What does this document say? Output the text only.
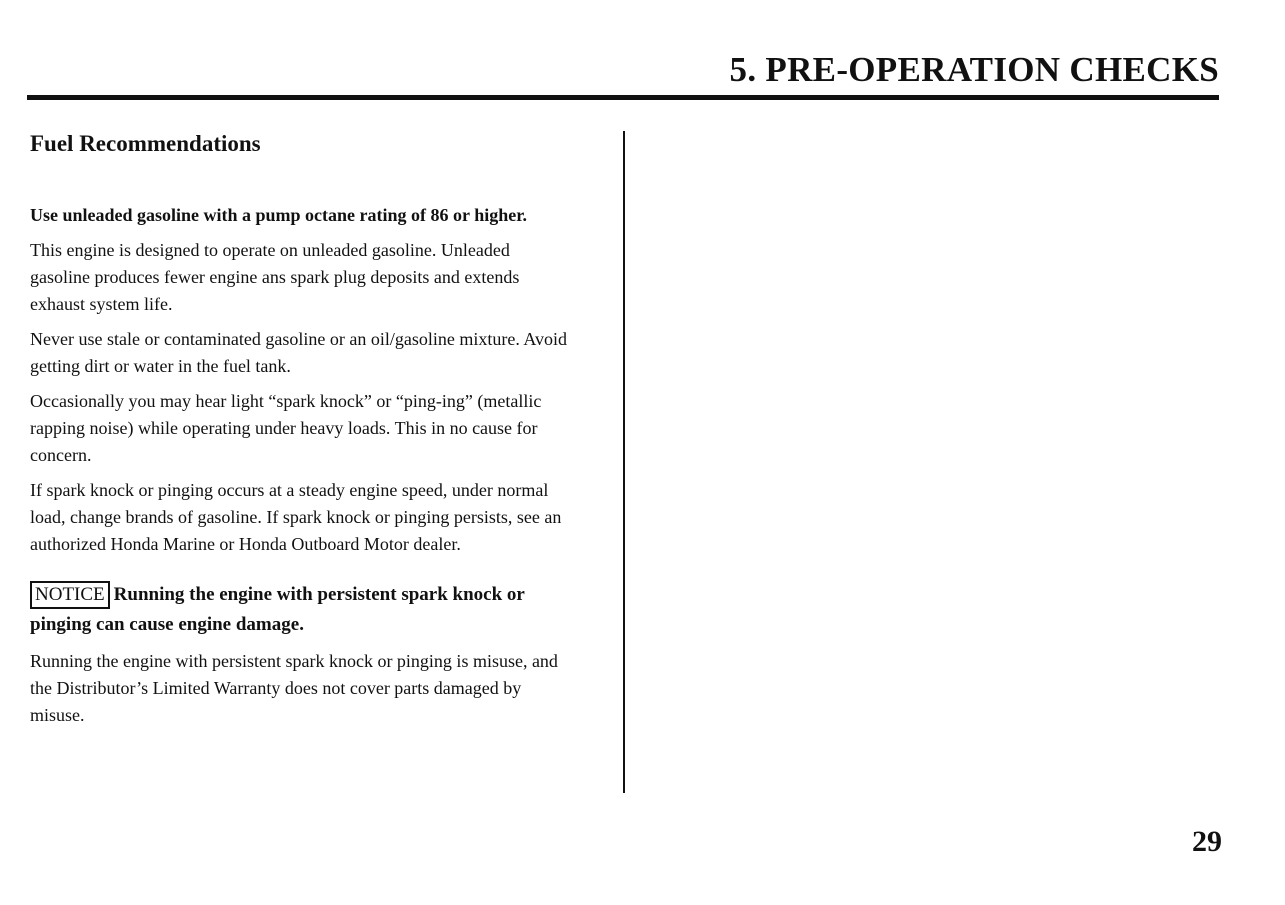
5. PRE-OPERATION CHECKS
Fuel Recommendations

Use unleaded gasoline with a pump octane rating of 86 or higher.

This engine is designed to operate on unleaded gasoline. Unleaded gasoline produces fewer engine ans spark plug deposits and extends exhaust system life.

Never use stale or contaminated gasoline or an oil/gasoline mixture. Avoid getting dirt or water in the fuel tank.

Occasionally you may hear light “spark knock” or “ping-ing” (metallic rapping noise) while operating under heavy loads. This in no cause for concern.

If spark knock or pinging occurs at a steady engine speed, under normal load, change brands of gasoline. If spark knock or pinging persists, see an authorized Honda Marine or Honda Outboard Motor dealer.

NOTICE Running the engine with persistent spark knock or pinging can cause engine damage.

Running the engine with persistent spark knock or pinging is misuse, and the Distributor’s Limited Warranty does not cover parts damaged by misuse.

29
